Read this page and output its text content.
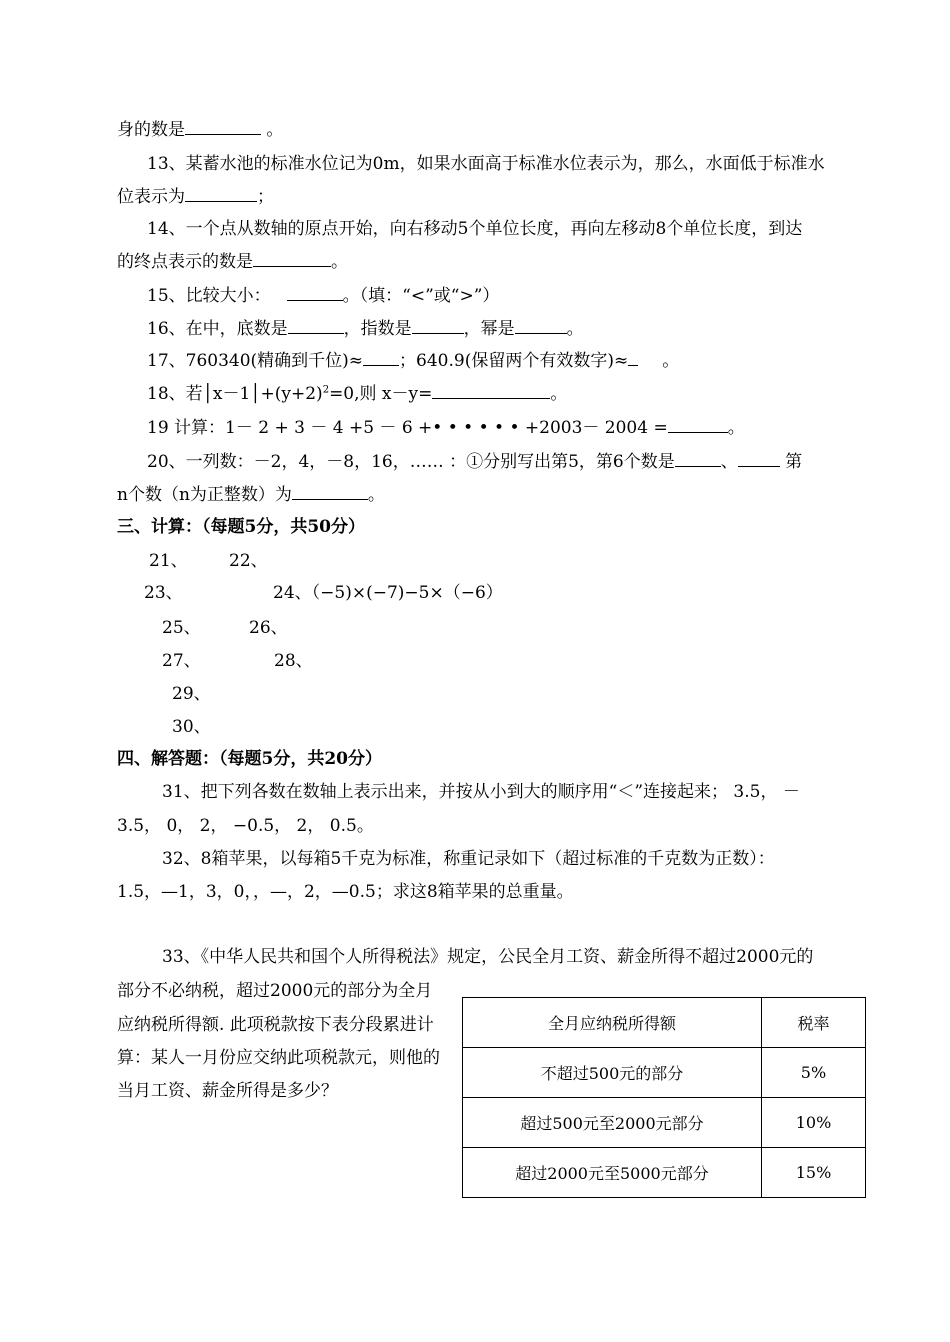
身的数是	。
13、某蓄水池的标准水位记为0m，如果水面高于标准水位表示为，那么，水面低于标准水
位表示为	；
14、一个点从数轴的原点开始，向右移动5个单位长度，再向左移动8个单位长度，到达
的终点表示的数是	。
15、比较大小：	。（填：“<”或“>”）
16、在中，底数是	，指数是	，幂是	。
17、760340(精确到千位)≈ ；640.9(保留两个有效数字)≈ 。
18、若$│x-1│+(y+2)^2=0$,则 x－y=	。
19 计算：1－ 2 + 3 － 4 +5 － 6 +• • • • • • +2003－ 2004 =	。
20、一列数：－2，4，－8，16，…… ：①分别写出第5，第6个数是	、 第
n个数（n为正整数）为	。
三、计算：（每题5分，共50分）
21、 22、
23、	24、（−5)×(−7)−5×（−6）
25、	26、
27、	28、
29、
30、
四、解答题：（每题5分，共20分）
31、把下列各数在数轴上表示出来，并按从小到大的顺序用“＜”连接起来； 3.5， －
3.5， 0， 2， −0.5， 2， 0.5。
32、8箱苹果，以每箱5千克为标准，称重记录如下（超过标准的千克数为正数）：
1.5，—1，3，0，，—，2，—0.5；求这8箱苹果的总重量。
33、《中华人民共和国个人所得税法》规定，公民全月工资、薪金所得不超过2000元的
部分不必纳税，超过2000元的部分为全月
应纳税所得额. 此项税款按下表分段累进计
算：某人一月份应交纳此项税款元，则他的
当月工资、薪金所得是多少？
全月应纳税所得额	税率
不超过500元的部分	5%
超过500元至2000元部分	10%
超过2000元至5000元部分	15%
